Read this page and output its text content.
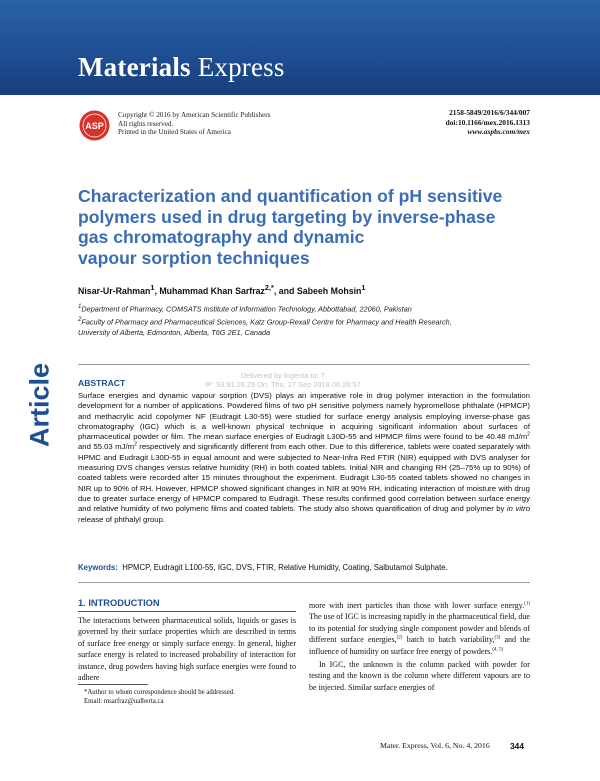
Materials Express
ASP
Copyright © 2016 by American Scientific Publishers
All rights reserved.
Printed in the United States of America
2158-5849/2016/6/344/007
doi:10.1166/mex.2016.1313
www.aspbs.com/mex
Characterization and quantification of pH sensitive
polymers used in drug targeting by inverse-phase
gas chromatography and dynamic
vapour sorption techniques
Nisar-Ur-Rahman$^1$, Muhammad Khan Sarfraz$^{2,*}$, and Sabeeh Mohsin$^1$
$^1$Department of Pharmacy, COMSATS Institute of Information Technology, Abbottabad, 22060, Pakistan
$^2$Faculty of Pharmacy and Pharmaceutical Sciences, Katz Group-Rexall Centre for Pharmacy and Health Research,
University of Alberta, Edmonton, Alberta, T6G 2E1, Canada
Article	Delivered by Ingenta to: ?
IP: 93.91.26.29 On: Thu, 27 Sep 2018 06:26:57
ABSTRACT
Surface energies and dynamic vapour sorption (DVS) plays an imperative role in drug polymer interaction in the formulation development for a number of applications. Powdered films of two pH sensitive polymers namely hypromellose phthalate (HPMCP) and methacrylic acid copolymer NF (Eudragit L30-55) were studied for surface energy analysis employing inverse-phase gas chromatography (IGC) which is a well-known physical technique in acquiring significant information about surfaces of pharmaceutical powder or film. The mean surface energies of Eudragit L30D-55 and HPMCP films were found to be 40.48 $mJ/m^2$ and 55.03 $mJ/m^2$ respectively and significantly different from each other. Due to this difference, tablets were coated separately with HPMC and Eudragit L30D-55 in equal amount and were subjected to Near-Infra Red FTIR (NIR) equipped with DVS analyser for measuring DVS changes versus relative humidity (RH) in both coated tablets. Initial NIR and changing RH (25–75% up to 90%) of coated tablets were recorded after 15 minutes throughout the experiment. Eudragit L30-55 coated tablets showed no changes in NIR up to 90% of RH. However, HPMCP showed significant changes in NIR at 90% RH, indicating interaction of moisture with drug due to greater surface energy of HPMCP compared to Eudragit. These results confirmed good correlation between surface energy and relative humidity of two polymeric films and coated tablets. The study also shows quantification of drug and polymer by in vitro release of phthalyl group.
Keywords: HPMCP, Eudragit L100-55, IGC, DVS, FTIR, Relative Humidity, Coating, Salbutamol Sulphate.
1. INTRODUCTION
The interactions between pharmaceutical solids, liquids or gases is governed by their surface properties which are described in terms of surface free energy or simply surface energy. In general, higher surface energy is related to increased probability of interaction for instance, drug powders having high surface energies were found to adhere

more with inert particles than those with lower surface energy.$^{(1)}$ The use of IGC is increasing rapidly in the pharmaceutical field, due to its potential for studying single component powder and blends of different surface energies,$^{(2)}$ batch to batch variability,$^{(3)}$ and the influence of humidity on surface free energy of powders.$^{(4, 5)}$

In IGC, the unknown is the column packed with powder for testing and the known is the column where different vapours are to be injected. Similar surface energies of

*Author to whom correspondence should be addressed.
Email: msarfraz@ualberta.ca
Mater. Express, Vol. 6, No. 4, 2016 344
